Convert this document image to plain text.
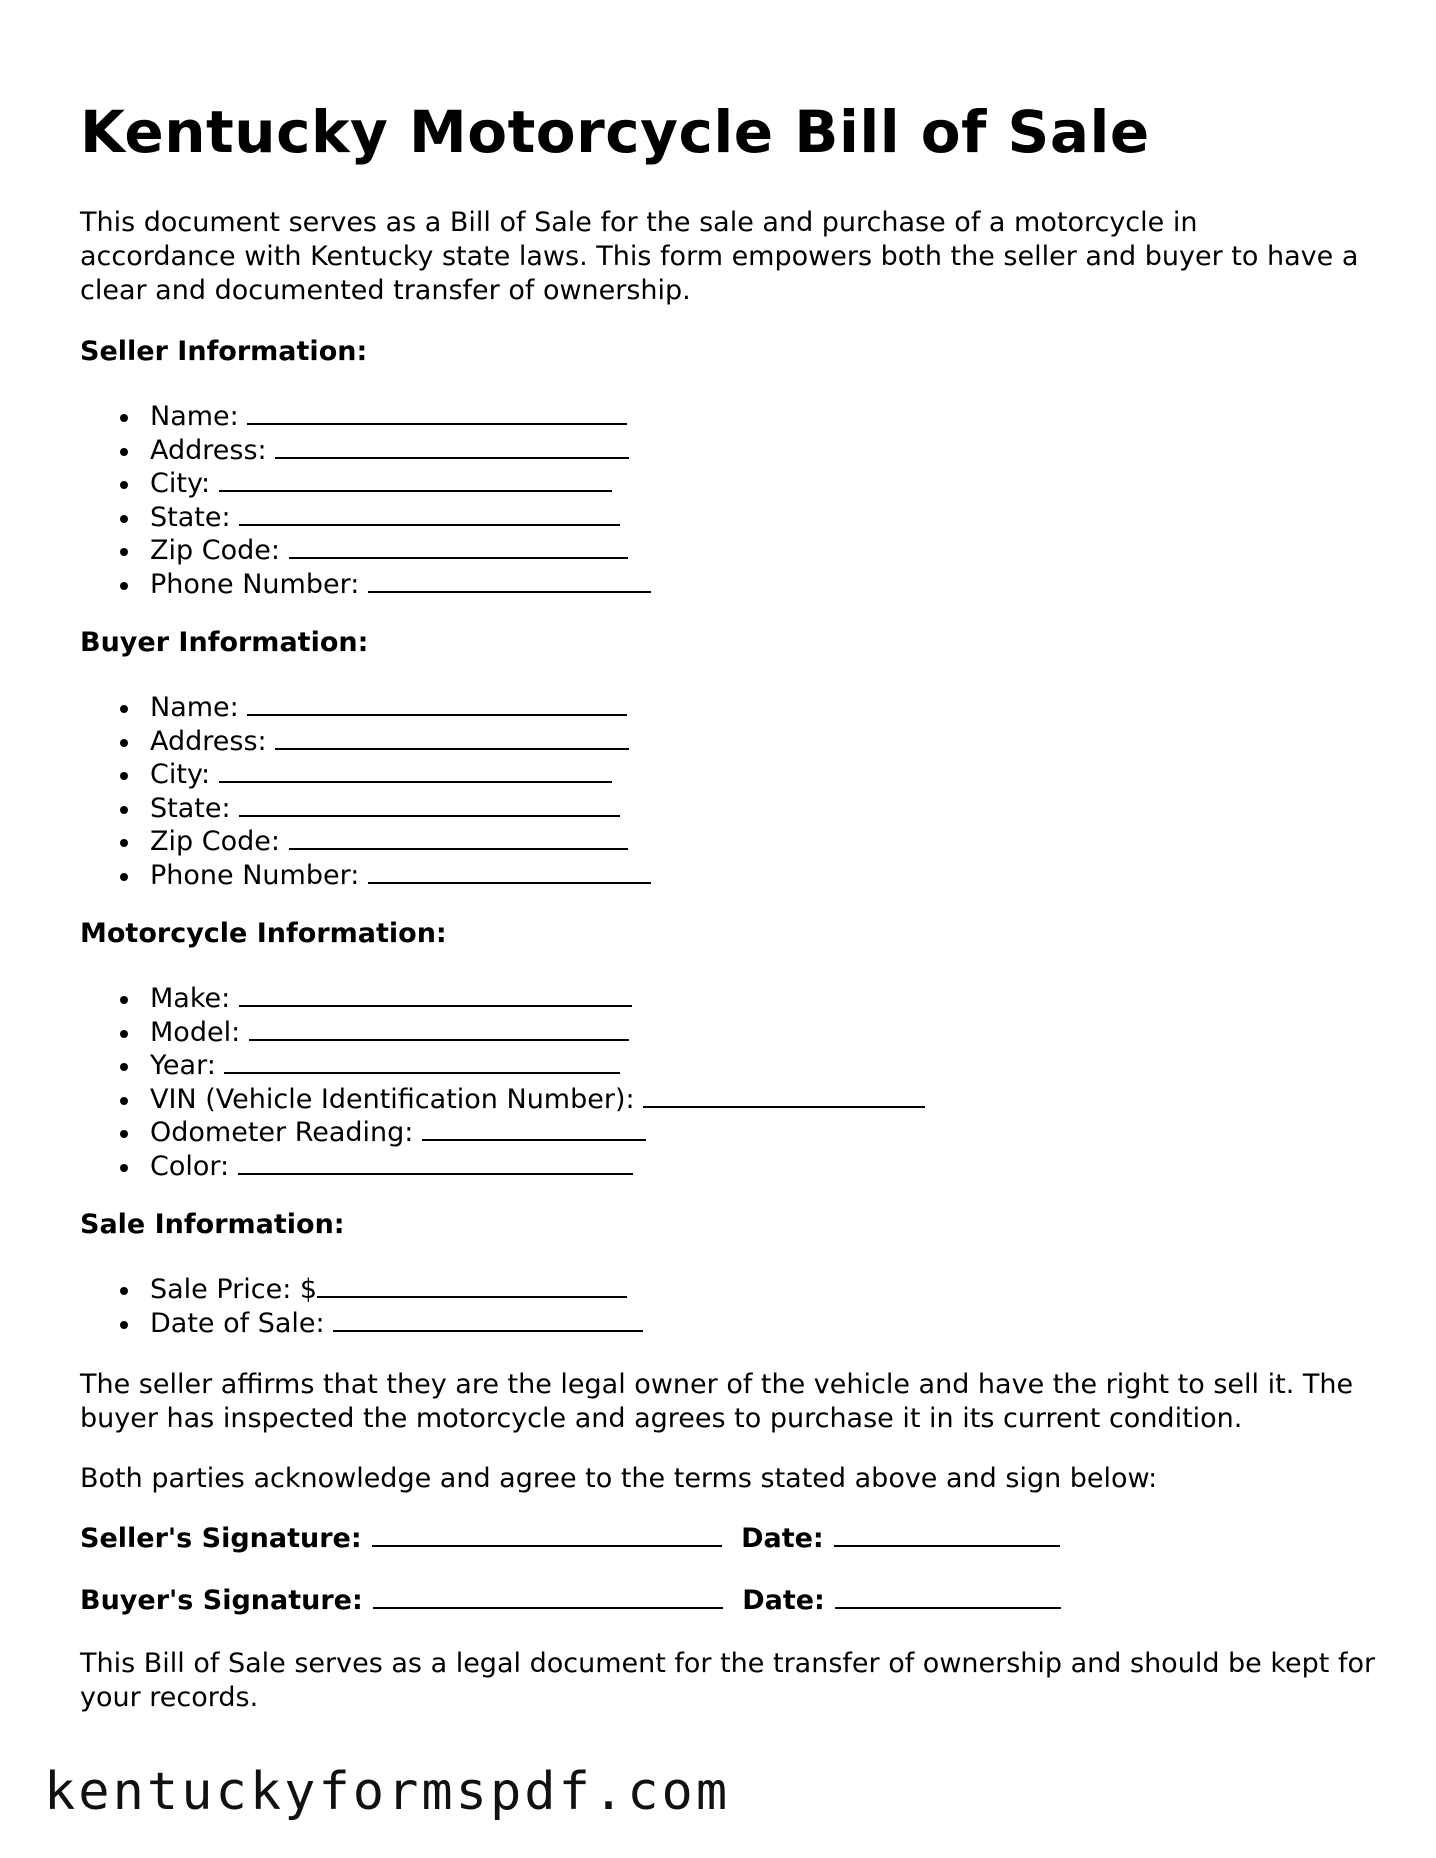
Kentucky Motorcycle Bill of Sale

This document serves as a Bill of Sale for the sale and purchase of a motorcycle in accordance with Kentucky state laws. This form empowers both the seller and buyer to have a clear and documented transfer of ownership.

Seller Information:

Name:
Address:
City:
State:
Zip Code:
Phone Number:

Buyer Information:

Name:
Address:
City:
State:
Zip Code:
Phone Number:

Motorcycle Information:

Make:
Model:
Year:
VIN (Vehicle Identification Number):
Odometer Reading:
Color:

Sale Information:

Sale Price: $
Date of Sale:

The seller affirms that they are the legal owner of the vehicle and have the right to sell it. The buyer has inspected the motorcycle and agrees to purchase it in its current condition.

Both parties acknowledge and agree to the terms stated above and sign below:

Seller's Signature:	Date:

Buyer's Signature:	Date:

This Bill of Sale serves as a legal document for the transfer of ownership and should be kept for your records.

kentuckyformspdf.com
